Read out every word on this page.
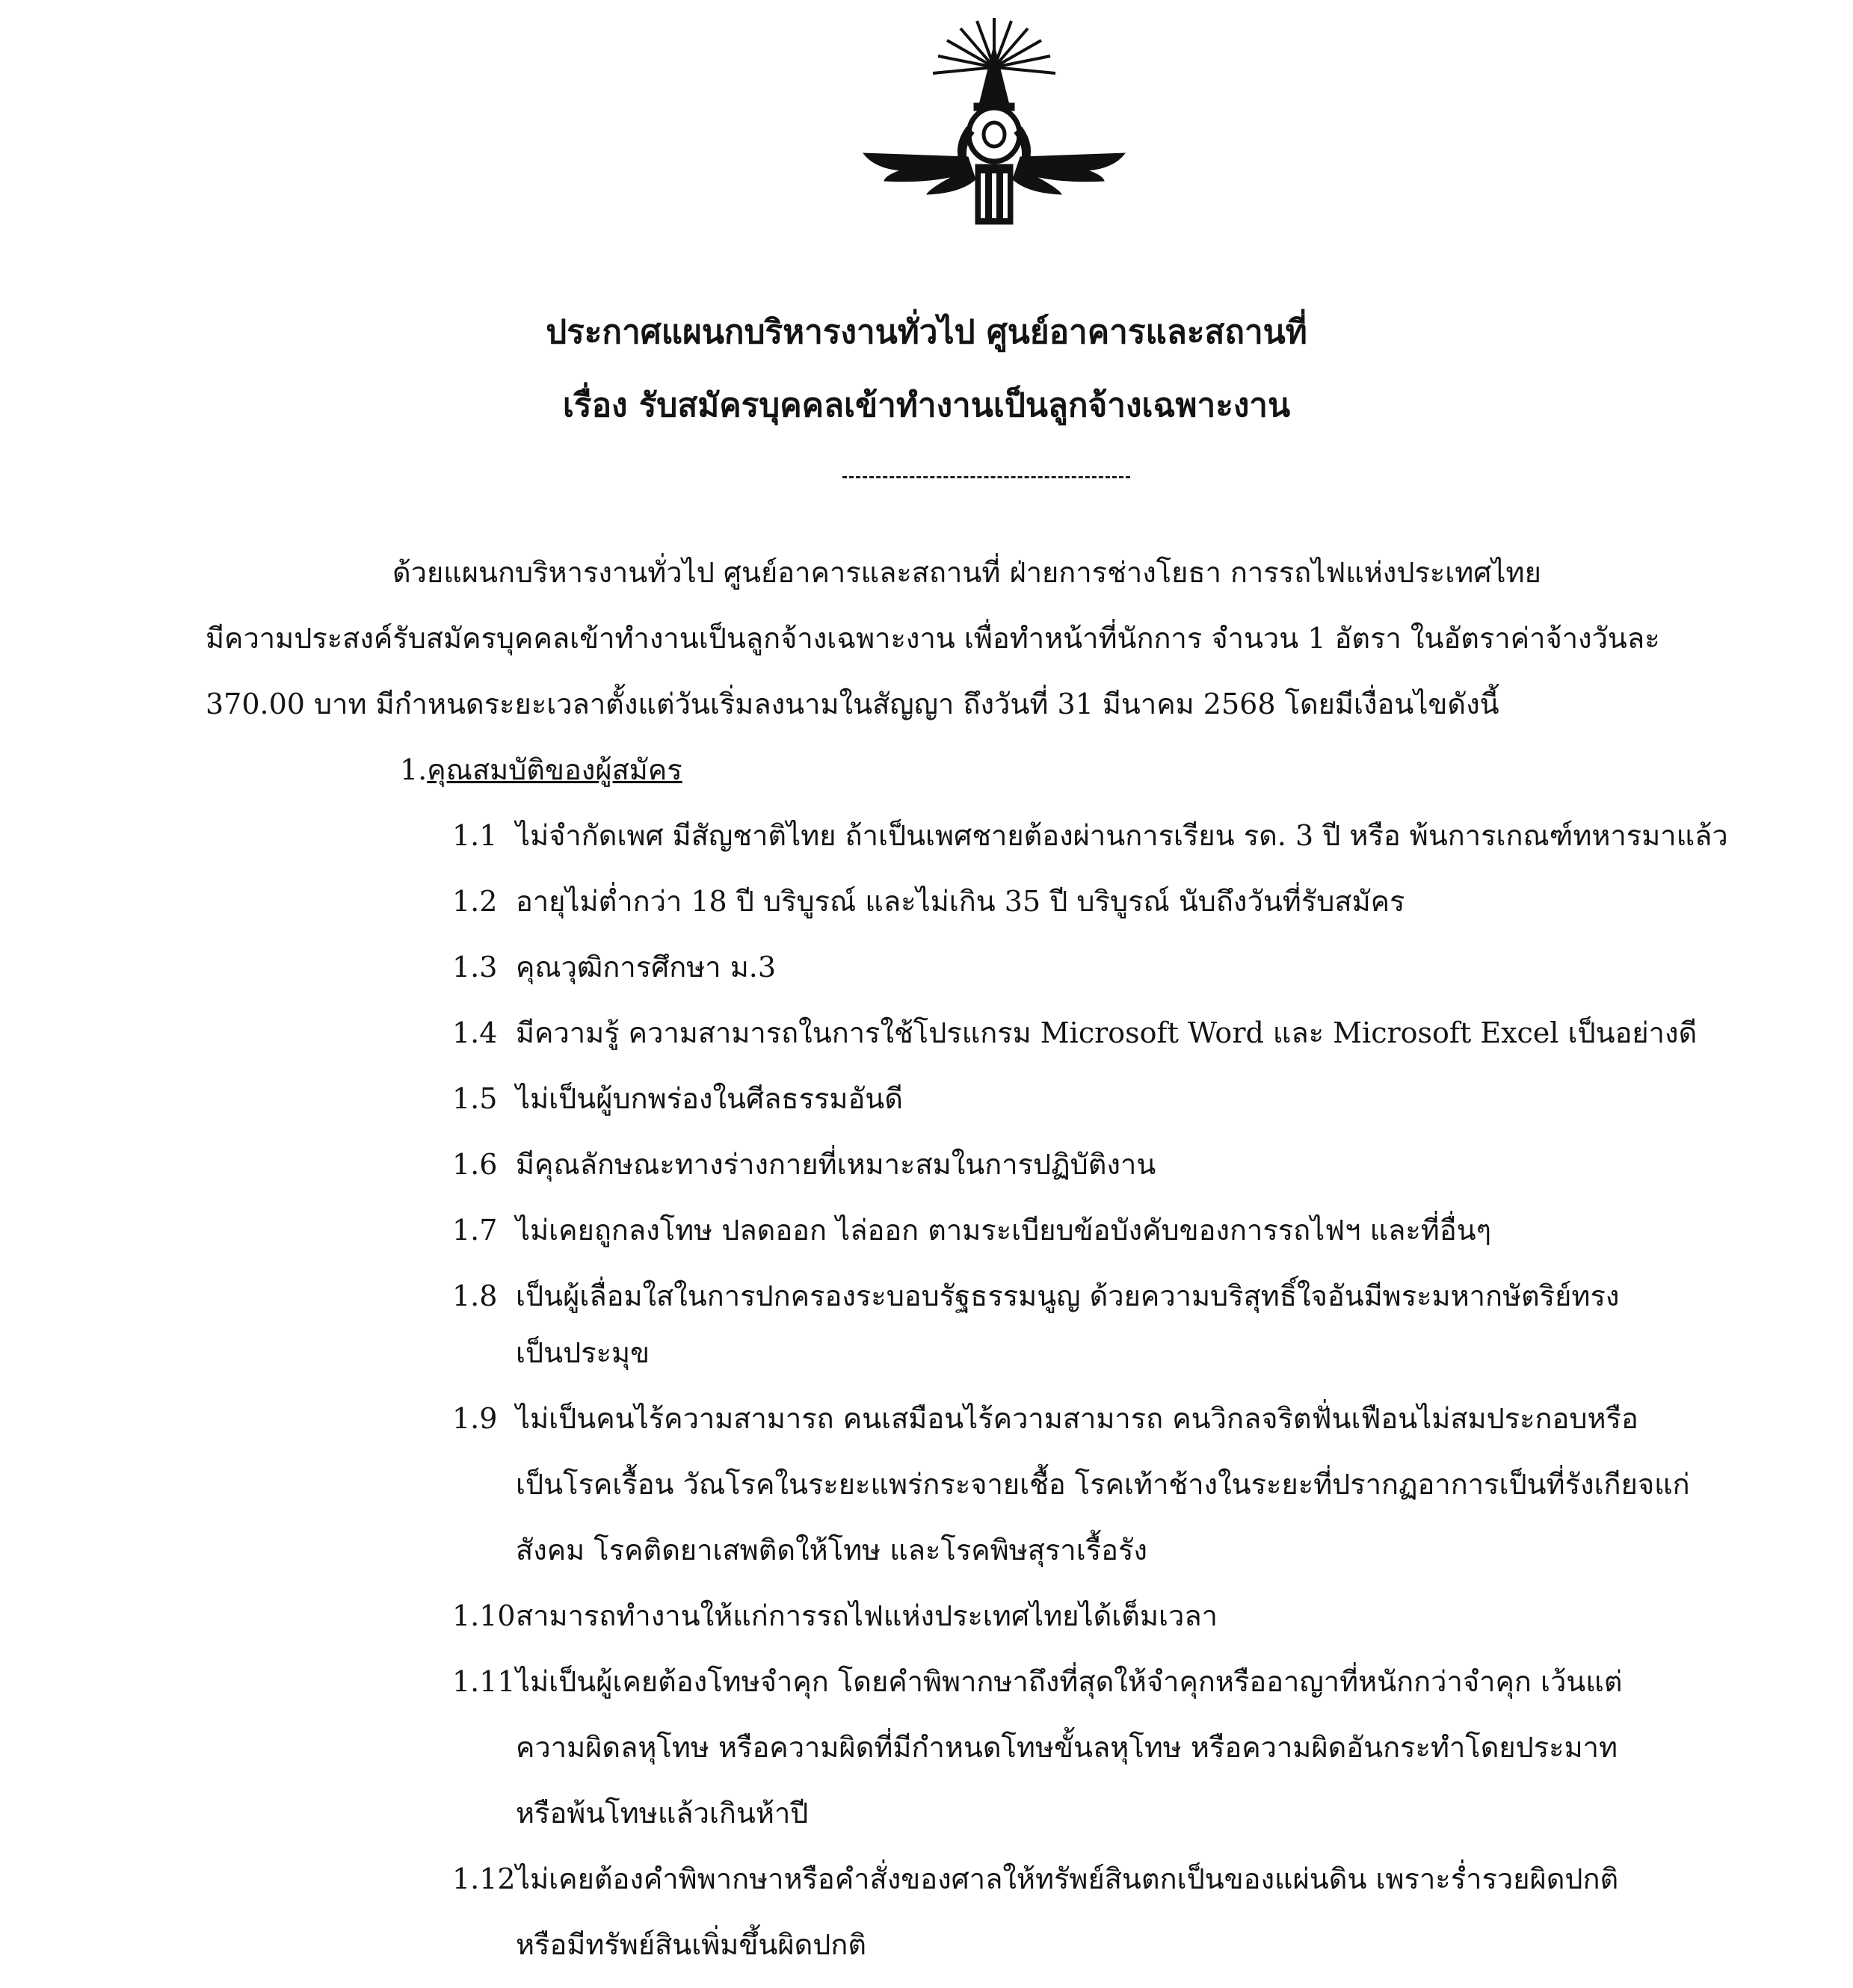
ประกาศแผนกบริหารงานทั่วไป ศูนย์อาคารและสถานที่
เรื่อง รับสมัครบุคคลเข้าทำงานเป็นลูกจ้างเฉพาะงาน
ด้วยแผนกบริหารงานทั่วไป ศูนย์อาคารและสถานที่ ฝ่ายการช่างโยธา การรถไฟแห่งประเทศไทย
มีความประสงค์รับสมัครบุคคลเข้าทำงานเป็นลูกจ้างเฉพาะงาน เพื่อทำหน้าที่นักการ จำนวน 1 อัตรา ในอัตราค่าจ้างวันละ
370.00 บาท มีกำหนดระยะเวลาตั้งแต่วันเริ่มลงนามในสัญญา ถึงวันที่ 31 มีนาคม 2568 โดยมีเงื่อนไขดังนี้
1.คุณสมบัติของผู้สมัคร
1.1 ไม่จำกัดเพศ มีสัญชาติไทย ถ้าเป็นเพศชายต้องผ่านการเรียน รด. 3 ปี หรือ พ้นการเกณฑ์ทหารมาแล้ว
1.2 อายุไม่ต่ำกว่า 18 ปี บริบูรณ์ และไม่เกิน 35 ปี บริบูรณ์ นับถึงวันที่รับสมัคร
1.3 คุณวุฒิการศึกษา ม.3
1.4 มีความรู้ ความสามารถในการใช้โปรแกรม Microsoft Word และ Microsoft Excel เป็นอย่างดี
1.5 ไม่เป็นผู้บกพร่องในศีลธรรมอันดี
1.6 มีคุณลักษณะทางร่างกายที่เหมาะสมในการปฏิบัติงาน
1.7 ไม่เคยถูกลงโทษ ปลดออก ไล่ออก ตามระเบียบข้อบังคับของการรถไฟฯ และที่อื่นๆ
1.8 เป็นผู้เลื่อมใสในการปกครองระบอบรัฐธรรมนูญ ด้วยความบริสุทธิ์ใจอันมีพระมหากษัตริย์ทรง
เป็นประมุข
1.9 ไม่เป็นคนไร้ความสามารถ คนเสมือนไร้ความสามารถ คนวิกลจริตฟั่นเฟือนไม่สมประกอบหรือ
เป็นโรคเรื้อน วัณโรคในระยะแพร่กระจายเชื้อ โรคเท้าช้างในระยะที่ปรากฏอาการเป็นที่รังเกียจแก่
สังคม โรคติดยาเสพติดให้โทษ และโรคพิษสุราเรื้อรัง
1.10 สามารถทำงานให้แก่การรถไฟแห่งประเทศไทยได้เต็มเวลา
1.11 ไม่เป็นผู้เคยต้องโทษจำคุก โดยคำพิพากษาถึงที่สุดให้จำคุกหรืออาญาที่หนักกว่าจำคุก เว้นแต่
ความผิดลหุโทษ หรือความผิดที่มีกำหนดโทษขั้นลหุโทษ หรือความผิดอันกระทำโดยประมาท
หรือพ้นโทษแล้วเกินห้าปี
1.12 ไม่เคยต้องคำพิพากษาหรือคำสั่งของศาลให้ทรัพย์สินตกเป็นของแผ่นดิน เพราะร่ำรวยผิดปกติ
หรือมีทรัพย์สินเพิ่มขึ้นผิดปกติ
